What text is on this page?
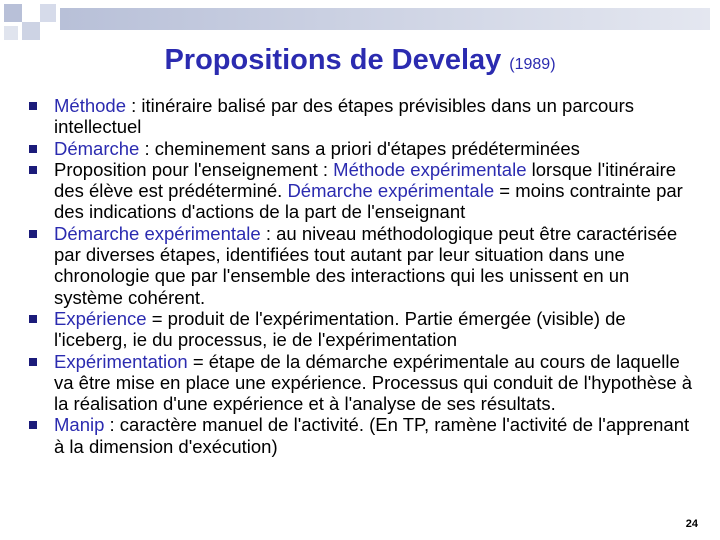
Propositions de Develay (1989)
Méthode : itinéraire balisé par des étapes prévisibles dans un parcours intellectuel
Démarche : cheminement sans a priori d'étapes prédéterminées
Proposition pour l'enseignement : Méthode expérimentale lorsque l'itinéraire des élève est prédéterminé. Démarche expérimentale = moins contrainte par des indications d'actions de la part de l'enseignant
Démarche expérimentale : au niveau méthodologique peut être caractérisée par diverses étapes, identifiées tout autant par leur situation dans une chronologie que par l'ensemble des interactions qui les unissent en un système cohérent.
Expérience = produit de l'expérimentation. Partie émergée (visible) de l'iceberg, ie du processus, ie de l'expérimentation
Expérimentation = étape de la démarche expérimentale au cours de laquelle va être mise en place une expérience. Processus qui conduit de l'hypothèse à la réalisation d'une expérience et à l'analyse de ses résultats.
Manip : caractère manuel de l'activité. (En TP, ramène l'activité de l'apprenant à la dimension d'exécution)
24
